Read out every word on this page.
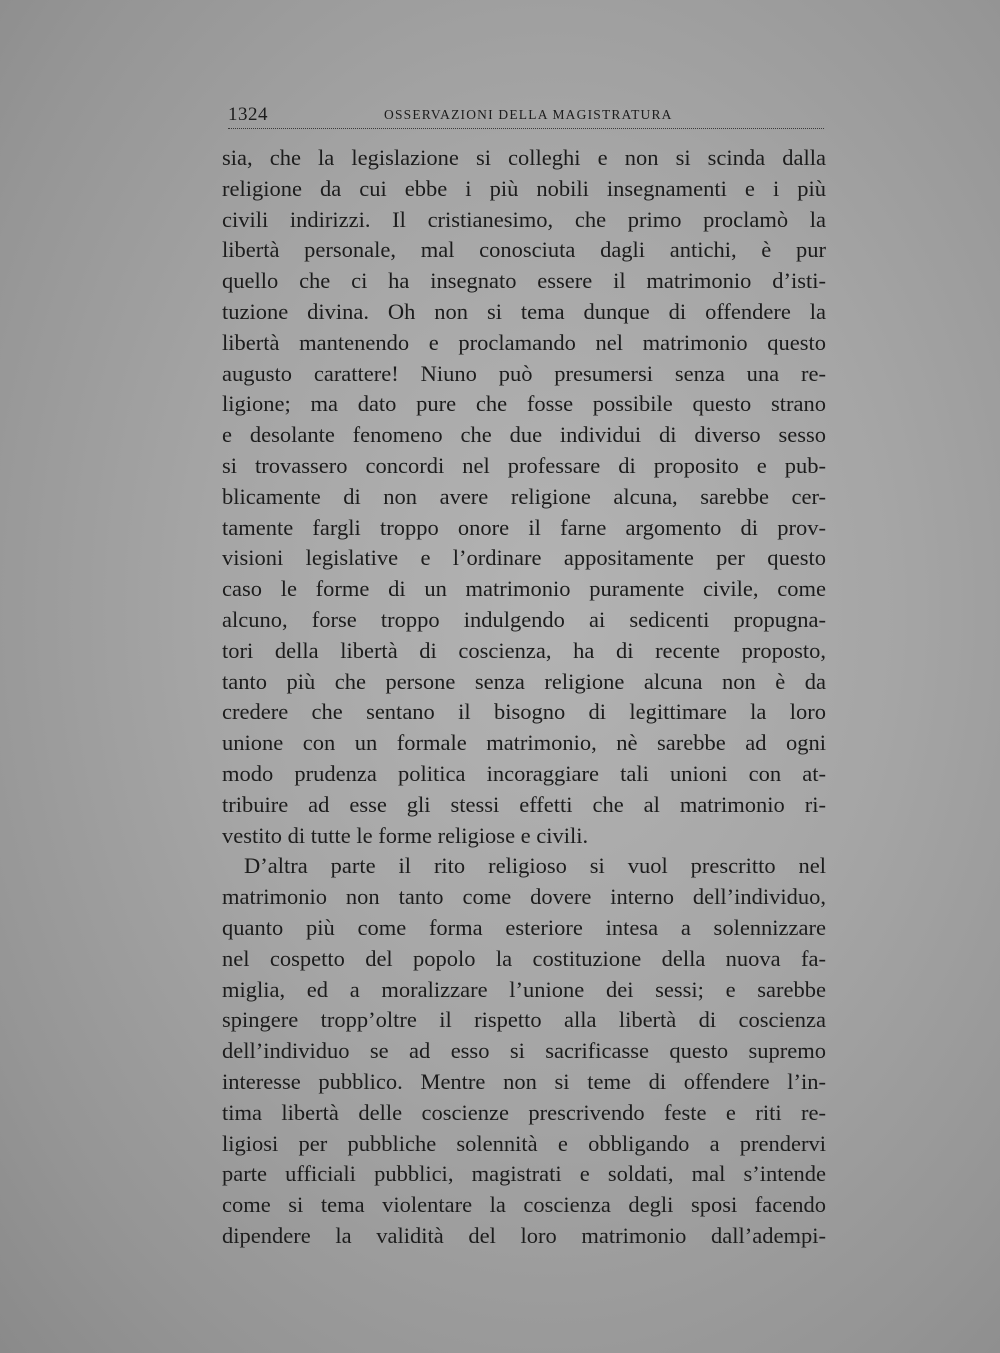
1324	OSSERVAZIONI DELLA MAGISTRATURA
sia, che la legislazione si colleghi e non si scinda dalla
religione da cui ebbe i più nobili insegnamenti e i più
civili indirizzi. Il cristianesimo, che primo proclamò la
libertà personale, mal conosciuta dagli antichi, è pur
quello che ci ha insegnato essere il matrimonio d’isti-
tuzione divina. Oh non si tema dunque di offendere la
libertà mantenendo e proclamando nel matrimonio questo
augusto carattere! Niuno può presumersi senza una re-
ligione; ma dato pure che fosse possibile questo strano
e desolante fenomeno che due individui di diverso sesso
si trovassero concordi nel professare di proposito e pub-
blicamente di non avere religione alcuna, sarebbe cer-
tamente fargli troppo onore il farne argomento di prov-
visioni legislative e l’ordinare appositamente per questo
caso le forme di un matrimonio puramente civile, come
alcuno, forse troppo indulgendo ai sedicenti propugna-
tori della libertà di coscienza, ha di recente proposto,
tanto più che persone senza religione alcuna non è da
credere che sentano il bisogno di legittimare la loro
unione con un formale matrimonio, nè sarebbe ad ogni
modo prudenza politica incoraggiare tali unioni con at-
tribuire ad esse gli stessi effetti che al matrimonio ri-
vestito di tutte le forme religiose e civili.
D’altra parte il rito religioso si vuol prescritto nel
matrimonio non tanto come dovere interno dell’individuo,
quanto più come forma esteriore intesa a solennizzare
nel cospetto del popolo la costituzione della nuova fa-
miglia, ed a moralizzare l’unione dei sessi; e sarebbe
spingere tropp’oltre il rispetto alla libertà di coscienza
dell’individuo se ad esso si sacrificasse questo supremo
interesse pubblico. Mentre non si teme di offendere l’in-
tima libertà delle coscienze prescrivendo feste e riti re-
ligiosi per pubbliche solennità e obbligando a prendervi
parte ufficiali pubblici, magistrati e soldati, mal s’intende
come si tema violentare la coscienza degli sposi facendo
dipendere la validità del loro matrimonio dall’adempi-
